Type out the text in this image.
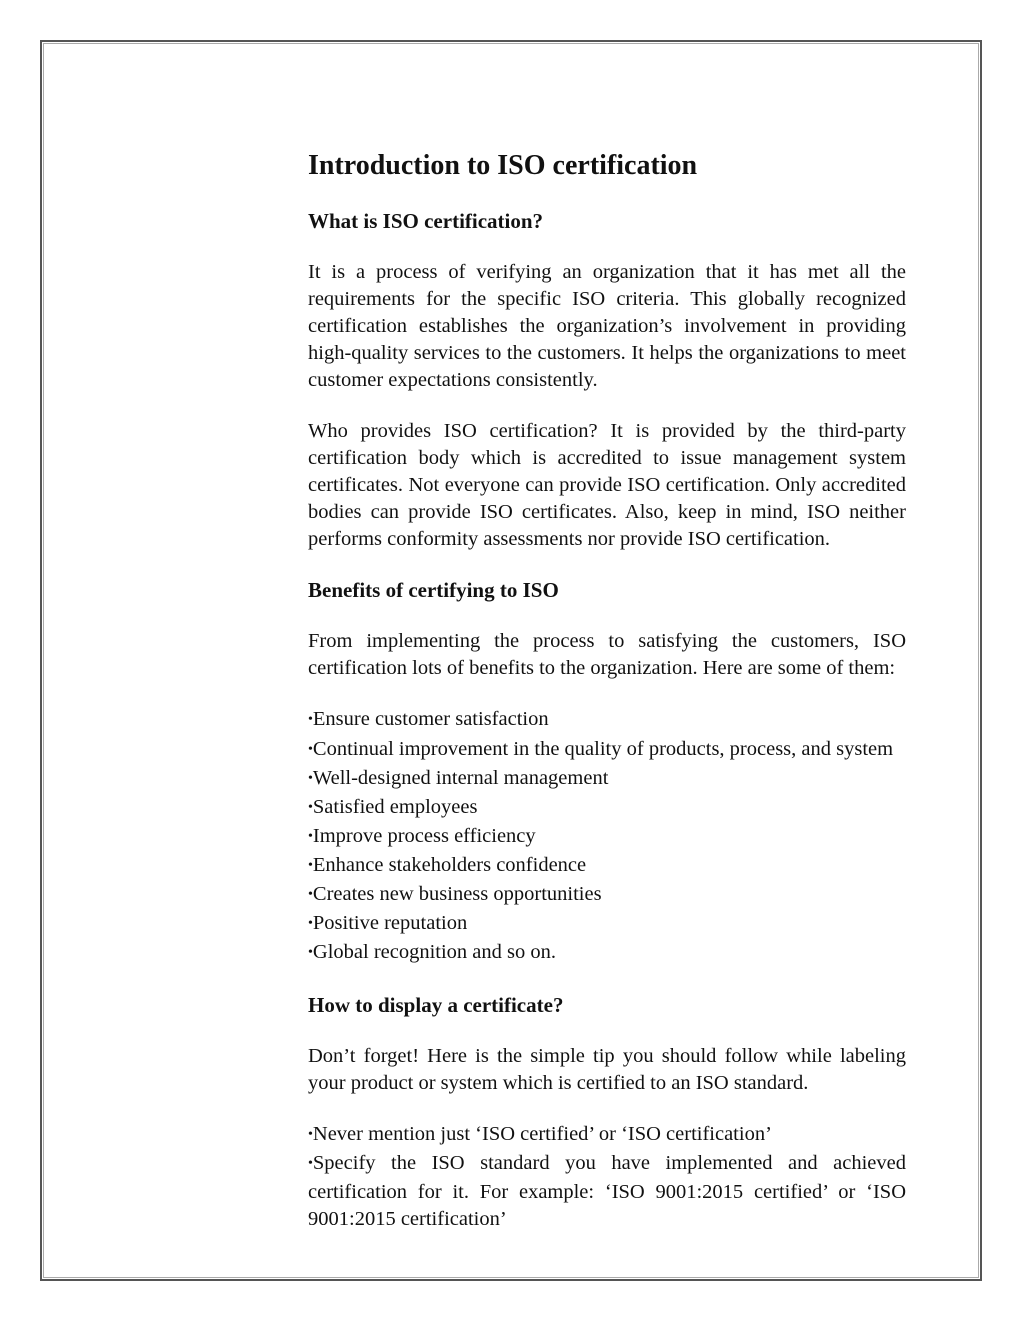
Introduction to ISO certification
What is ISO certification?

It is a process of verifying an organization that it has met all the requirements for the specific ISO criteria. This globally recognized certification establishes the organization’s involvement in providing high-quality services to the customers. It helps the organizations to meet customer expectations consistently.

Who provides ISO certification? It is provided by the third-party certification body which is accredited to issue management system certificates. Not everyone can provide ISO certification. Only accredited bodies can provide ISO certificates. Also, keep in mind, ISO neither performs conformity assessments nor provide ISO certification.

Benefits of certifying to ISO

From implementing the process to satisfying the customers, ISO certification lots of benefits to the organization. Here are some of them:

•Ensure customer satisfaction
•Continual improvement in the quality of products, process, and system
•Well-designed internal management
•Satisfied employees
•Improve process efficiency
•Enhance stakeholders confidence
•Creates new business opportunities
•Positive reputation
•Global recognition and so on.
How to display a certificate?

Don’t forget! Here is the simple tip you should follow while labeling your product or system which is certified to an ISO standard.

•Never mention just ‘ISO certified’ or ‘ISO certification’
•Specify the ISO standard you have implemented and achieved certification for it. For example: ‘ISO 9001:2015 certified’ or ‘ISO 9001:2015 certification’
